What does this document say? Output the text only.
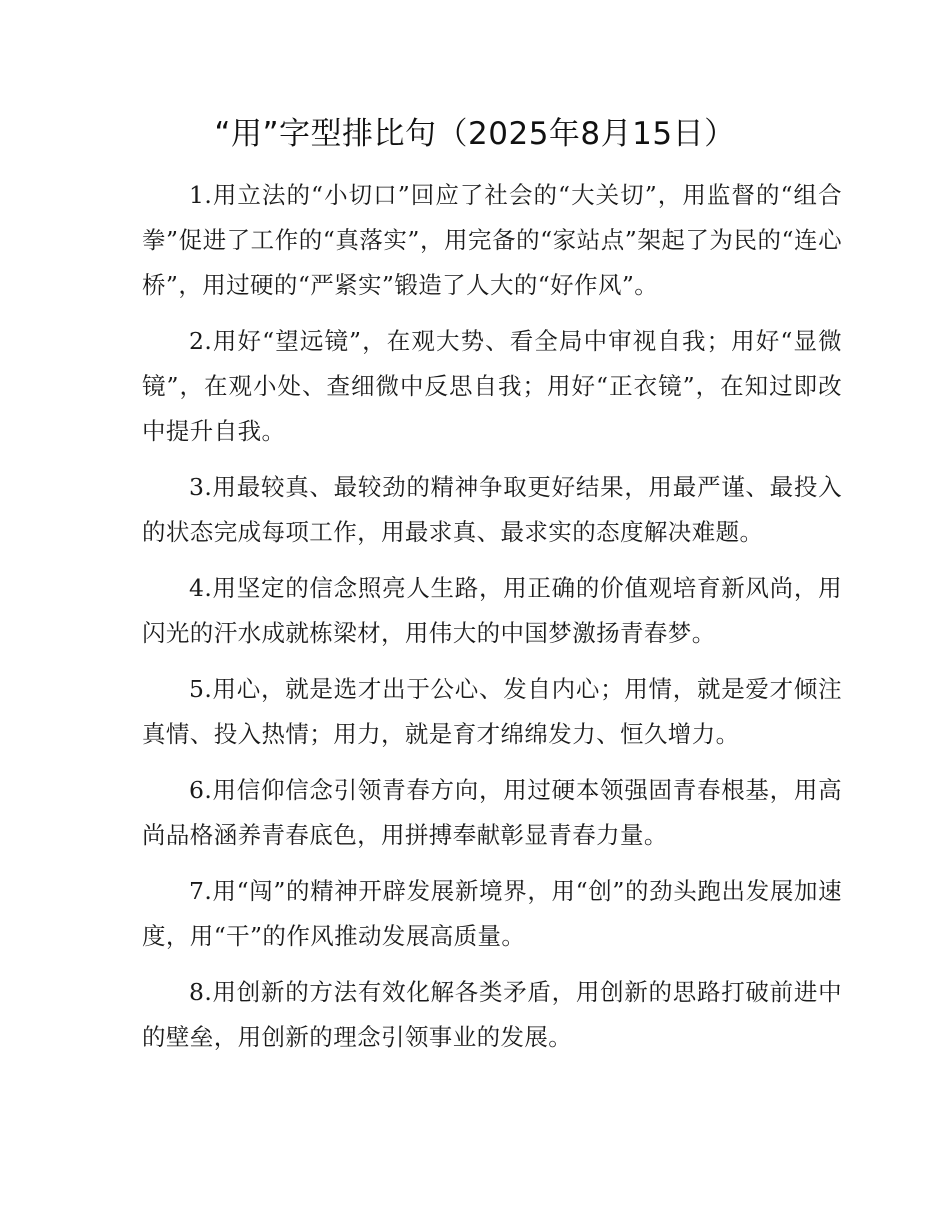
“用”字型排比句（2025年8月15日）

1.用立法的“小切口”回应了社会的“大关切”，用监督的“组合拳”促进了工作的“真落实”，用完备的“家站点”架起了为民的“连心桥”，用过硬的“严紧实”锻造了人大的“好作风”。

2.用好“望远镜”，在观大势、看全局中审视自我；用好“显微镜”，在观小处、查细微中反思自我；用好“正衣镜”，在知过即改中提升自我。

3.用最较真、最较劲的精神争取更好结果，用最严谨、最投入的状态完成每项工作，用最求真、最求实的态度解决难题。

4.用坚定的信念照亮人生路，用正确的价值观培育新风尚，用闪光的汗水成就栋梁材，用伟大的中国梦激扬青春梦。

5.用心，就是选才出于公心、发自内心；用情，就是爱才倾注真情、投入热情；用力，就是育才绵绵发力、恒久增力。

6.用信仰信念引领青春方向，用过硬本领强固青春根基，用高尚品格涵养青春底色，用拼搏奉献彰显青春力量。

7.用“闯”的精神开辟发展新境界，用“创”的劲头跑出发展加速度，用“干”的作风推动发展高质量。

8.用创新的方法有效化解各类矛盾，用创新的思路打破前进中的壁垒，用创新的理念引领事业的发展。
